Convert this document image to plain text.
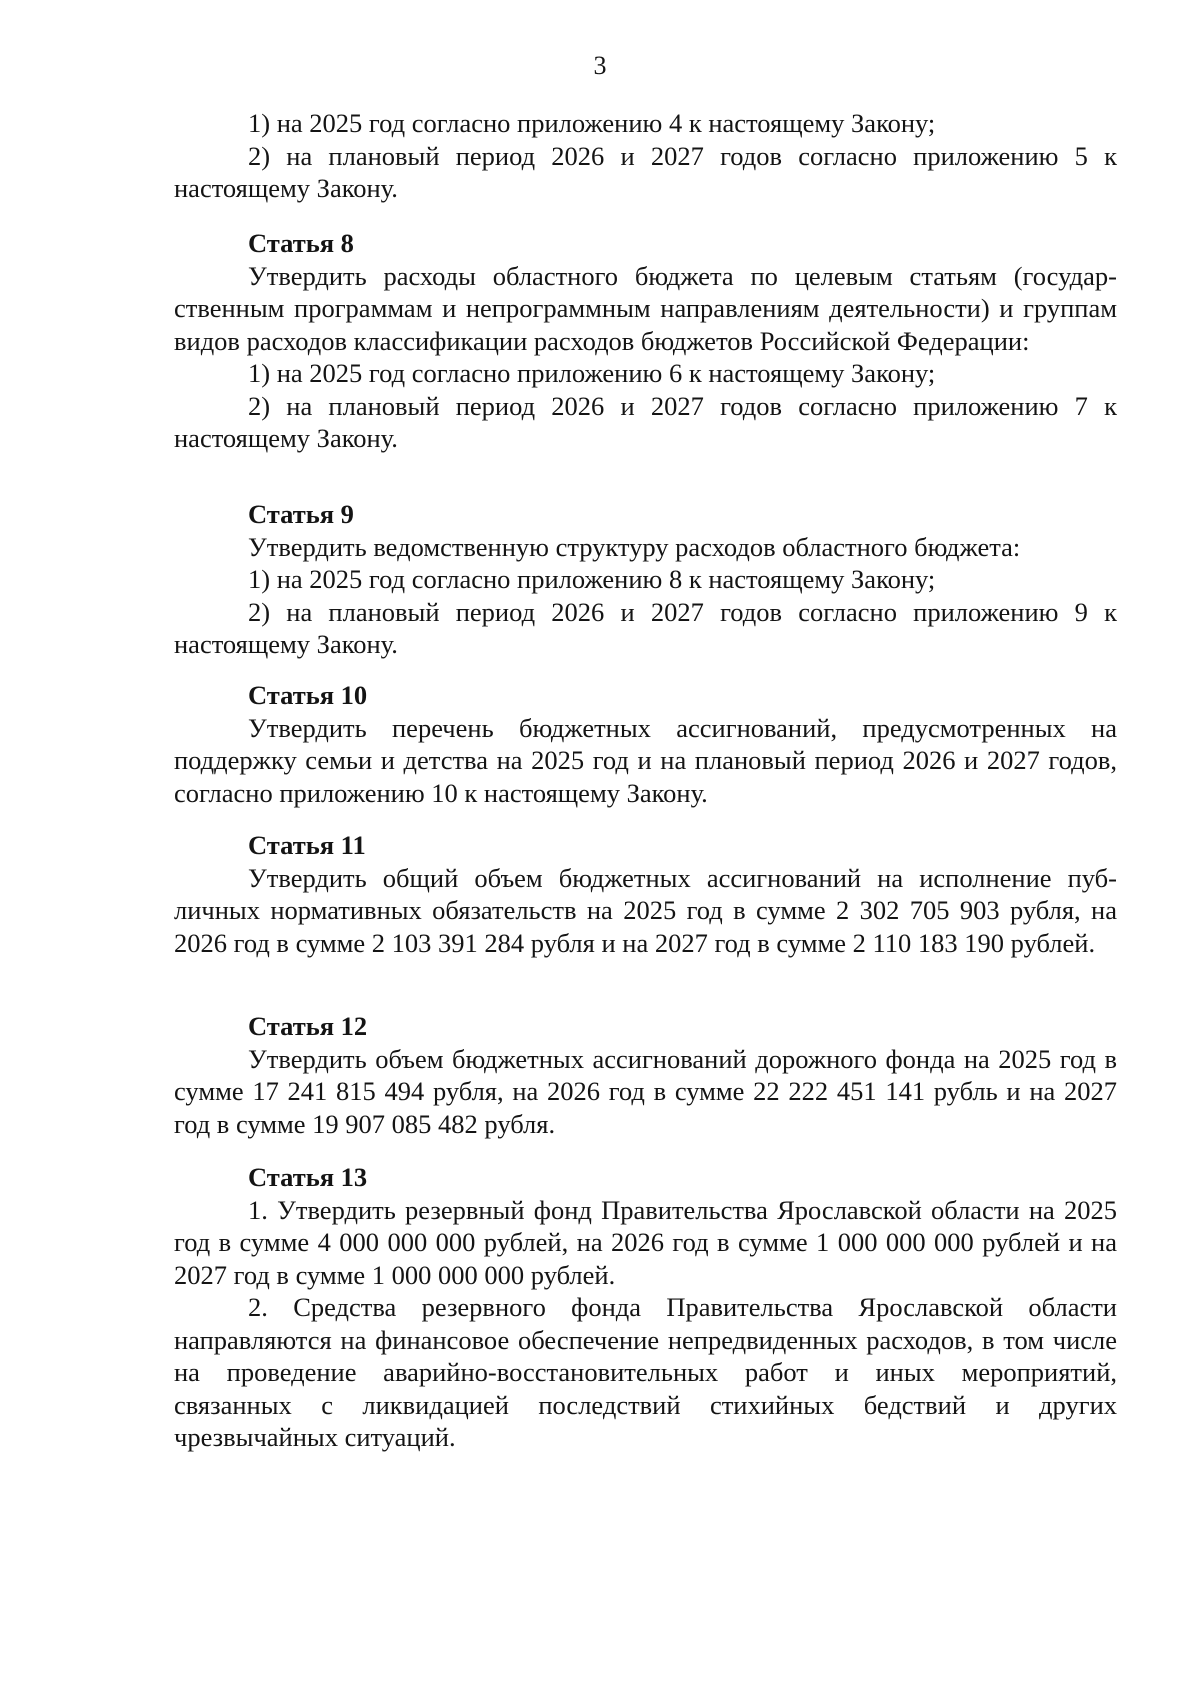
3

1) на 2025 год согласно приложению 4 к настоящему Закону;

2) на плановый период 2026 и 2027 годов согласно приложению 5 к настоящему Закону.

Статья 8

Утвердить расходы областного бюджета по целевым статьям (государственным программам и непрограммным направлениям деятельности) и группам видов расходов классификации расходов бюджетов Российской Федерации:

1) на 2025 год согласно приложению 6 к настоящему Закону;

2) на плановый период 2026 и 2027 годов согласно приложению 7 к настоящему Закону.

Статья 9

Утвердить ведомственную структуру расходов областного бюджета:

1) на 2025 год согласно приложению 8 к настоящему Закону;

2) на плановый период 2026 и 2027 годов согласно приложению 9 к настоящему Закону.

Статья 10

Утвердить перечень бюджетных ассигнований, предусмотренных на поддержку семьи и детства на 2025 год и на плановый период 2026 и 2027 годов, согласно приложению 10 к настоящему Закону.

Статья 11

Утвердить общий объем бюджетных ассигнований на исполнение публичных нормативных обязательств на 2025 год в сумме 2 302 705 903 рубля, на 2026 год в сумме 2 103 391 284 рубля и на 2027 год в сумме 2 110 183 190 рублей.

Статья 12

Утвердить объем бюджетных ассигнований дорожного фонда на 2025 год в сумме 17 241 815 494 рубля, на 2026 год в сумме 22 222 451 141 рубль и на 2027 год в сумме 19 907 085 482 рубля.

Статья 13

1. Утвердить резервный фонд Правительства Ярославской области на 2025 год в сумме 4 000 000 000 рублей, на 2026 год в сумме 1 000 000 000 рублей и на 2027 год в сумме 1 000 000 000 рублей.

2. Средства резервного фонда Правительства Ярославской области направляются на финансовое обеспечение непредвиденных расходов, в том числе на проведение аварийно-восстановительных работ и иных мероприятий, связанных с ликвидацией последствий стихийных бедствий и других чрезвычайных ситуаций.
